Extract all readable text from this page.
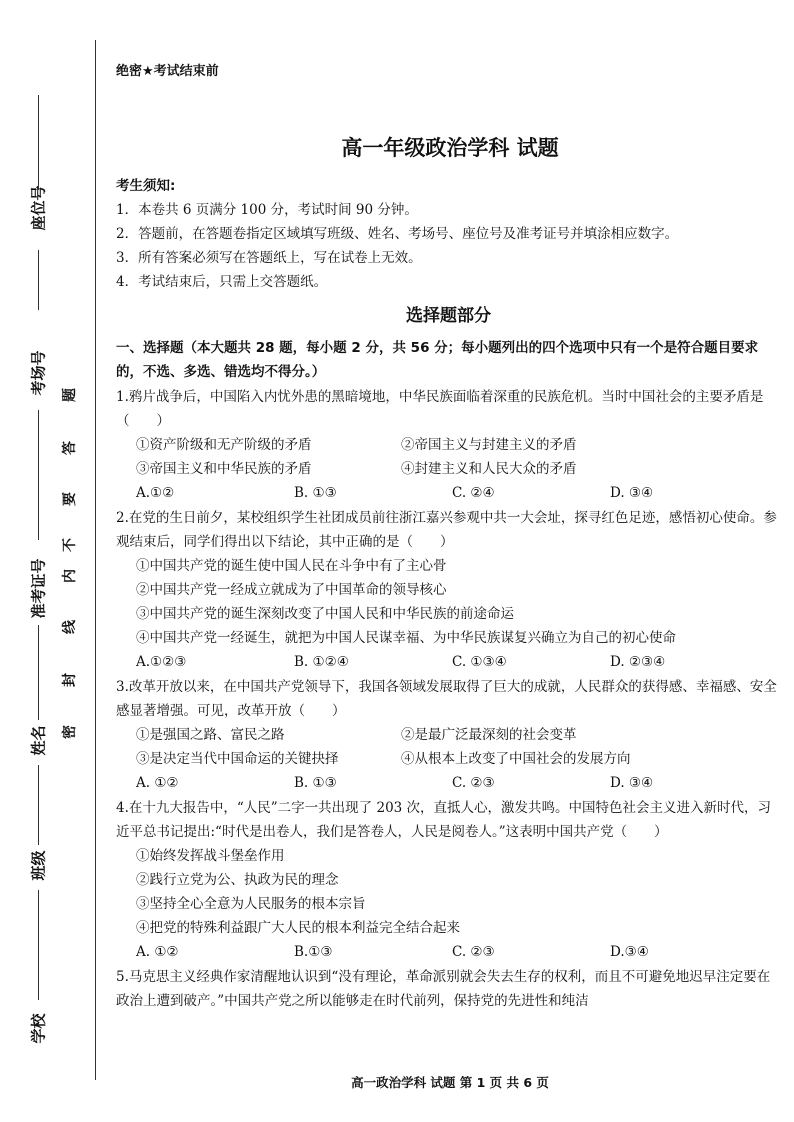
座位号
考场号
准考证号
姓名
班级
学校
密
封
线
内
不
要
答
题
绝密★考试结束前
高一年级政治学科 试题
考生须知:
1．本卷共 6 页满分 100 分，考试时间 90 分钟。
2．答题前，在答题卷指定区域填写班级、姓名、考场号、座位号及准考证号并填涂相应数字。
3．所有答案必须写在答题纸上，写在试卷上无效。
4．考试结束后，只需上交答题纸。
选择题部分
一、选择题（本大题共 28 题，每小题 2 分，共 56 分；每小题列出的四个选项中只有一个是符合题目要求的，不选、多选、错选均不得分。）
1.鸦片战争后，中国陷入内忧外患的黑暗境地，中华民族面临着深重的民族危机。当时中国社会的主要矛盾是（　　）
①资产阶级和无产阶级的矛盾	②帝国主义与封建主义的矛盾
③帝国主义和中华民族的矛盾	④封建主义和人民大众的矛盾
A.①②	B. ①③	C. ②④	D. ③④
2.在党的生日前夕，某校组织学生社团成员前往浙江嘉兴参观中共一大会址，探寻红色足迹，感悟初心使命。参观结束后，同学们得出以下结论，其中正确的是（　　）
①中国共产党的诞生使中国人民在斗争中有了主心骨
②中国共产党一经成立就成为了中国革命的领导核心
③中国共产党的诞生深刻改变了中国人民和中华民族的前途命运
④中国共产党一经诞生，就把为中国人民谋幸福、为中华民族谋复兴确立为自己的初心使命
A.①②③	B. ①②④	C. ①③④	D. ②③④
3.改革开放以来，在中国共产党领导下，我国各领域发展取得了巨大的成就，人民群众的获得感、幸福感、安全感显著增强。可见，改革开放（　　）
①是强国之路、富民之路	②是最广泛最深刻的社会变革
③是决定当代中国命运的关键抉择	④从根本上改变了中国社会的发展方向
A. ①②	B. ①③	C. ②③	D. ③④
4.在十九大报告中，“人民”二字一共出现了 203 次，直抵人心，激发共鸣。中国特色社会主义进入新时代，习近平总书记提出:“时代是出卷人，我们是答卷人，人民是阅卷人。”这表明中国共产党（　　）
①始终发挥战斗堡垒作用
②践行立党为公、执政为民的理念
③坚持全心全意为人民服务的根本宗旨
④把党的特殊利益跟广大人民的根本利益完全结合起来
A. ①②	B.①③	C. ②③	D.③④
5.马克思主义经典作家清醒地认识到“没有理论，革命派别就会失去生存的权利，而且不可避免地迟早注定要在政治上遭到破产。”中国共产党之所以能够走在时代前列，保持党的先进性和纯洁
高一政治学科 试题 第 1 页 共 6 页
